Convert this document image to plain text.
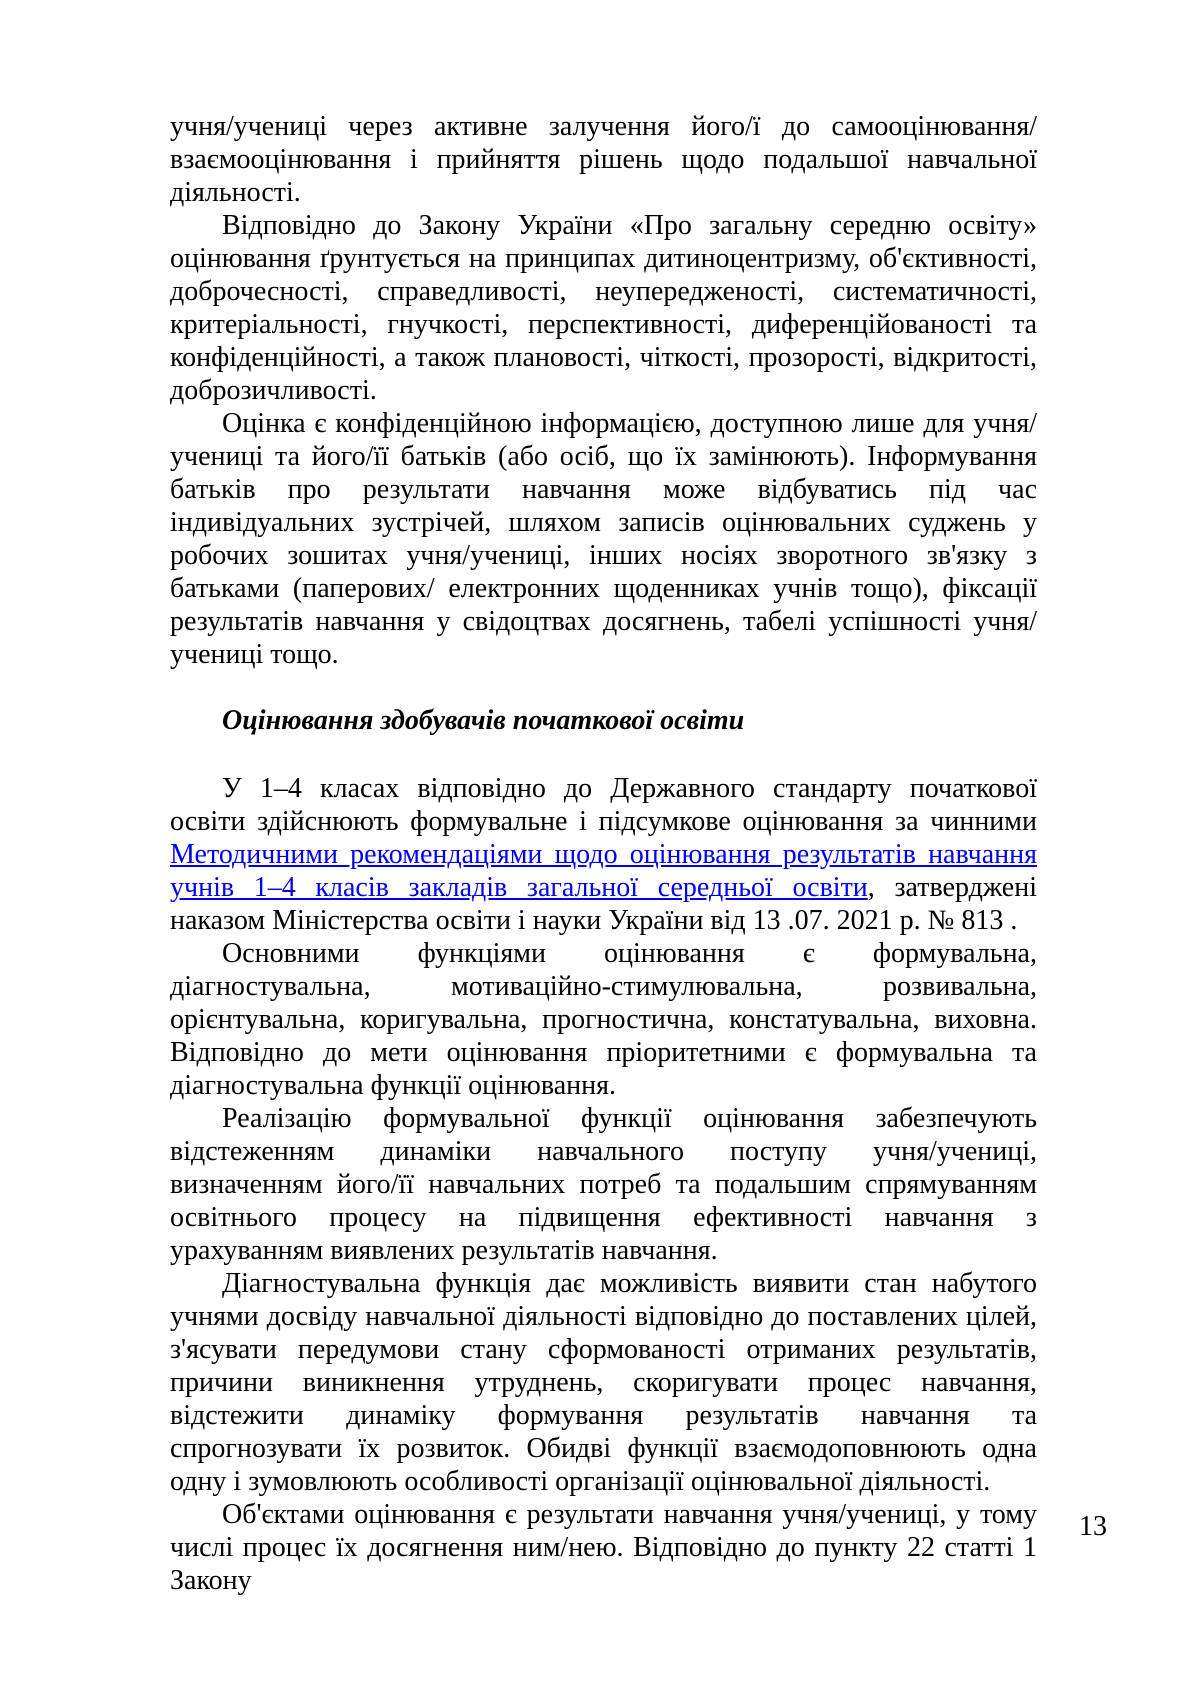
учня/учениці через активне залучення його/ї до самооцінювання/ взаємооцінювання і прийняття рішень щодо подальшої навчальної діяльності.

Відповідно до Закону України «Про загальну середню освіту» оцінювання ґрунтується на принципах дитиноцентризму, об'єктивності, доброчесності, справедливості, неупередженості, систематичності, критеріальності, гнучкості, перспективності, диференційованості та конфіденційності, а також плановості, чіткості, прозорості, відкритості, доброзичливості.

Оцінка є конфіденційною інформацією, доступною лише для учня/учениці та його/її батьків (або осіб, що їх замінюють). Інформування батьків про результати навчання може відбуватись під час індивідуальних зустрічей, шляхом записів оцінювальних суджень у робочих зошитах учня/учениці, інших носіях зворотного зв'язку з батьками (паперових/ електронних щоденниках учнів тощо), фіксації результатів навчання у свідоцтвах досягнень, табелі успішності учня/учениці тощо.

Оцінювання здобувачів початкової освіти

У 1–4 класах відповідно до Державного стандарту початкової освіти здійснюють формувальне і підсумкове оцінювання за чинними Методичними рекомендаціями щодо оцінювання результатів навчання учнів 1–4 класів закладів загальної середньої освіти, затверджені наказом Міністерства освіти і науки України від 13 .07. 2021 р. № 813 .

Основними функціями оцінювання є формувальна, діагностувальна, мотиваційно-стимулювальна, розвивальна, орієнтувальна, коригувальна, прогностична, констатувальна, виховна. Відповідно до мети оцінювання пріоритетними є формувальна та діагностувальна функції оцінювання.

Реалізацію формувальної функції оцінювання забезпечують відстеженням динаміки навчального поступу учня/учениці, визначенням його/її навчальних потреб та подальшим спрямуванням освітнього процесу на підвищення ефективності навчання з урахуванням виявлених результатів навчання.

Діагностувальна функція дає можливість виявити стан набутого учнями досвіду навчальної діяльності відповідно до поставлених цілей, з'ясувати передумови стану сформованості отриманих результатів, причини виникнення утруднень, скоригувати процес навчання, відстежити динаміку формування результатів навчання та спрогнозувати їх розвиток. Обидві функції взаємодоповнюють одна одну і зумовлюють особливості організації оцінювальної діяльності.

Об'єктами оцінювання є результати навчання учня/учениці, у тому числі процес їх досягнення ним/нею. Відповідно до пункту 22 статті 1 Закону

13
